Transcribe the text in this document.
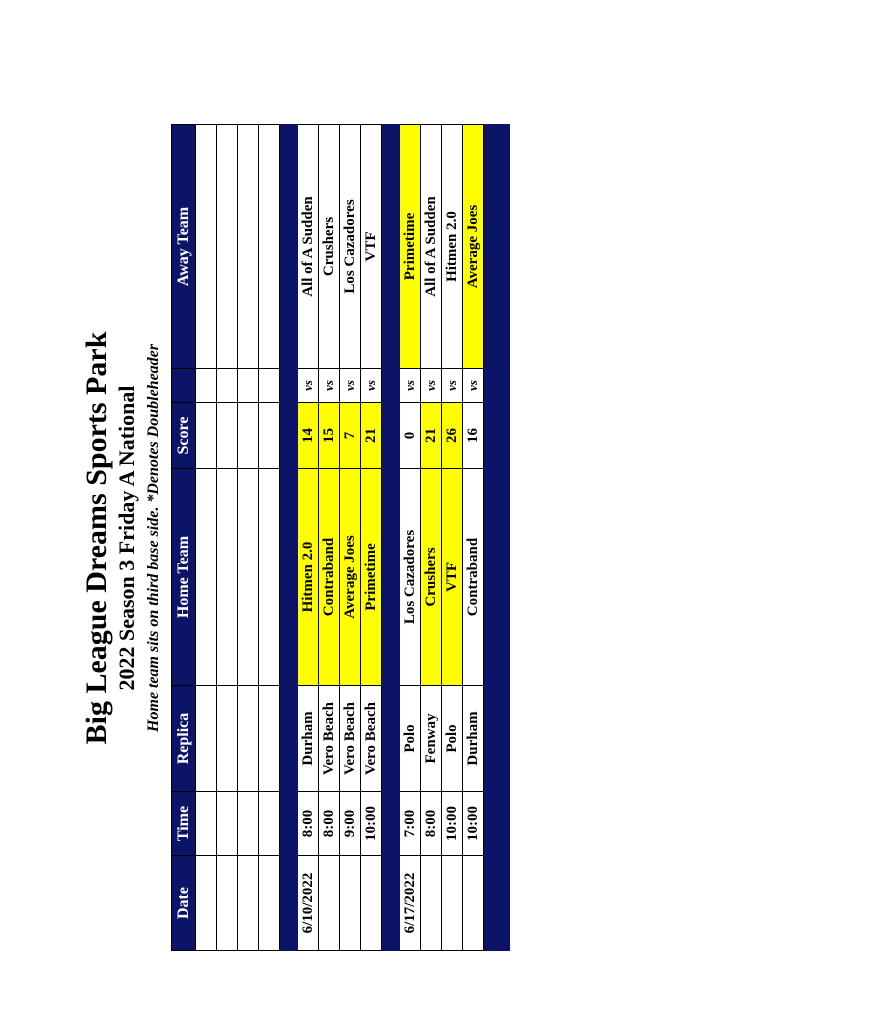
Big League Dreams Sports Park 2022 Season 3 Friday A National Home team sits on third base side. *Denotes Doubleheader
Date	Time	Replica	Home Team	Score		Away Team

6/10/2022	8:00	Durham	Hitmen 2.0	14	vs	All of A Sudden
	8:00	Vero Beach	Contraband	15	vs	Crushers
	9:00	Vero Beach	Average Joes	7	vs	Los Cazadores
	10:00	Vero Beach	Primetime	21	vs	VTF

6/17/2022	7:00	Polo	Los Cazadores	0	vs	Primetime
	8:00	Fenway	Crushers	21	vs	All of A Sudden
	10:00	Polo	VTF	26	vs	Hitmen 2.0
	10:00	Durham	Contraband	16	vs	Average Joes
